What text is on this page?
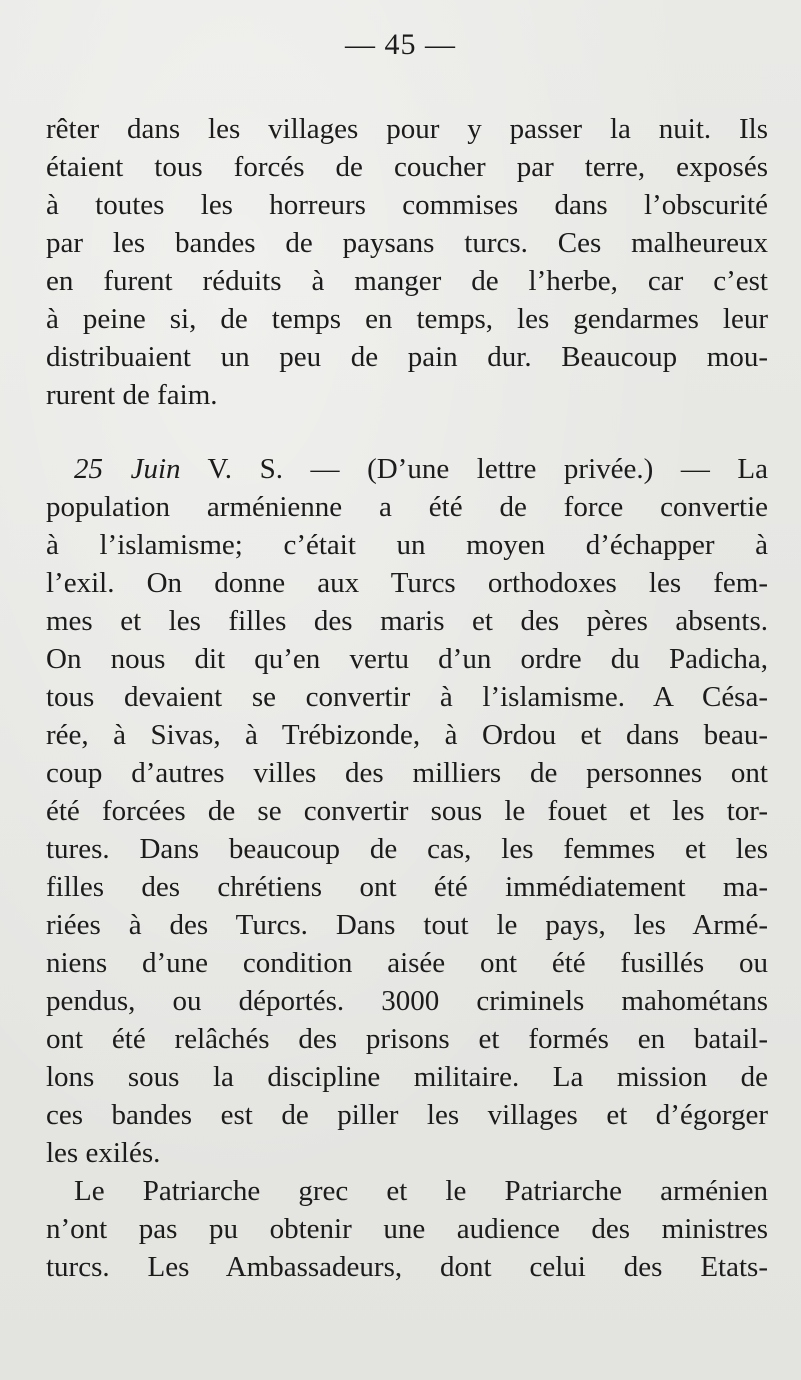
— 45 —
rêter dans les villages pour y passer la nuit. Ils
étaient tous forcés de coucher par terre, exposés
à toutes les horreurs commises dans l’obscurité
par les bandes de paysans turcs. Ces malheureux
en furent réduits à manger de l’herbe, car c’est
à peine si, de temps en temps, les gendarmes leur
distribuaient un peu de pain dur. Beaucoup mou-
rurent de faim.
25 Juin V. S. — (D’une lettre privée.) — La
population arménienne a été de force convertie
à l’islamisme; c’était un moyen d’échapper à
l’exil. On donne aux Turcs orthodoxes les fem-
mes et les filles des maris et des pères absents.
On nous dit qu’en vertu d’un ordre du Padicha,
tous devaient se convertir à l’islamisme. A Césa-
rée, à Sivas, à Trébizonde, à Ordou et dans beau-
coup d’autres villes des milliers de personnes ont
été forcées de se convertir sous le fouet et les tor-
tures. Dans beaucoup de cas, les femmes et les
filles des chrétiens ont été immédiatement ma-
riées à des Turcs. Dans tout le pays, les Armé-
niens d’une condition aisée ont été fusillés ou
pendus, ou déportés. 3000 criminels mahométans
ont été relâchés des prisons et formés en batail-
lons sous la discipline militaire. La mission de
ces bandes est de piller les villages et d’égorger
les exilés.
Le Patriarche grec et le Patriarche arménien
n’ont pas pu obtenir une audience des ministres
turcs. Les Ambassadeurs, dont celui des Etats-
